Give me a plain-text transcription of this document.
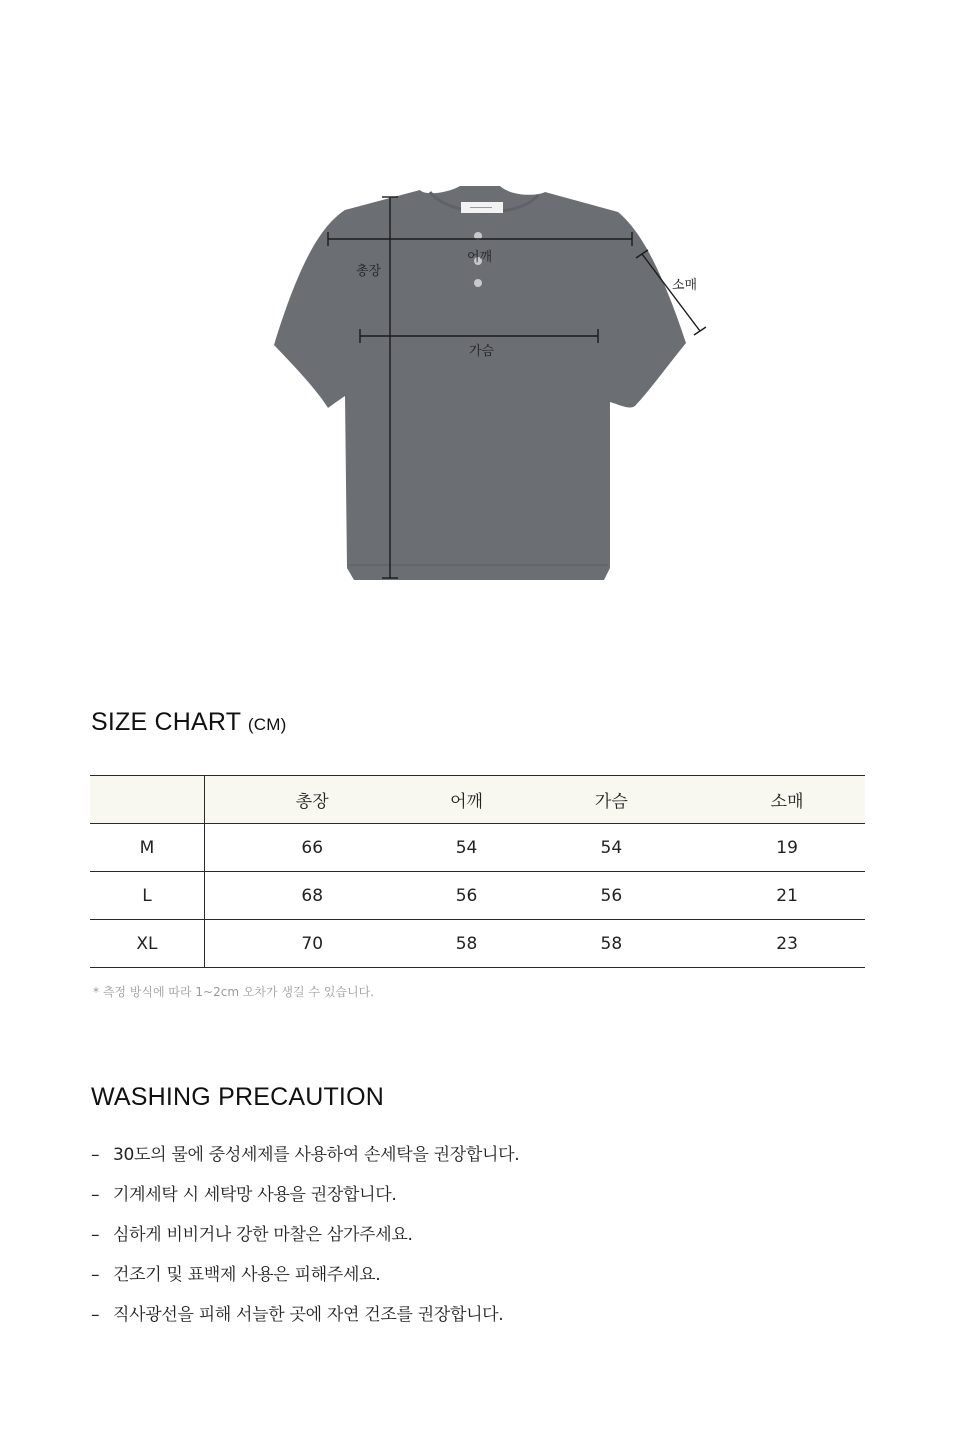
총장
어깨
가슴
소매
SIZE CHART (CM)
	총장	어깨	가슴	소매
M	66	54	54	19
L	68	56	56	21
XL	70	58	58	23
* 측정 방식에 따라 1~2cm 오차가 생길 수 있습니다.
WASHING PRECAUTION
– 30도의 물에 중성세제를 사용하여 손세탁을 권장합니다.
– 기계세탁 시 세탁망 사용을 권장합니다.
– 심하게 비비거나 강한 마찰은 삼가주세요.
– 건조기 및 표백제 사용은 피해주세요.
– 직사광선을 피해 서늘한 곳에 자연 건조를 권장합니다.
